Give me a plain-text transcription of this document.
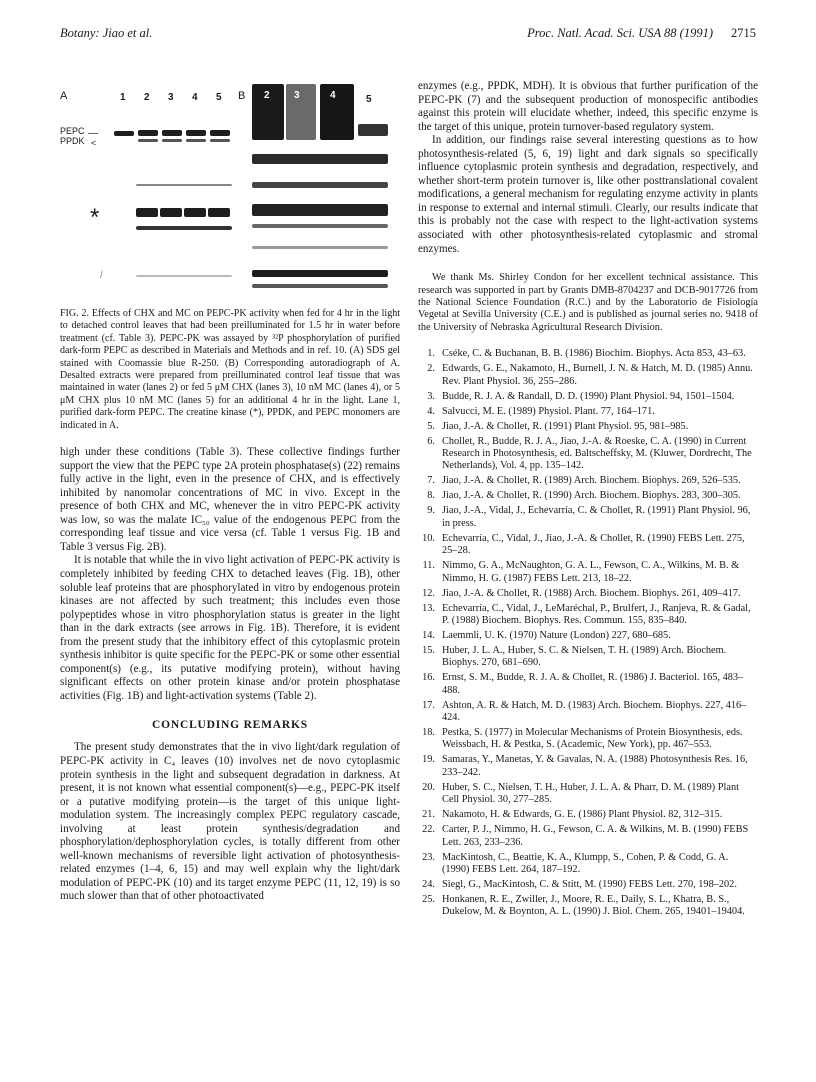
Botany: Jiao et al.	Proc. Natl. Acad. Sci. USA 88 (1991) 2715
A	1 2 3 4 5
PEPC
PPDK
—
<
*
/
B 2 3	4	5
FIG. 2. Effects of CHX and MC on PEPC-PK activity when fed for 4 hr in the light to detached control leaves that had been preilluminated for 1.5 hr in water before treatment (cf. Table 3). PEPC-PK was assayed by ³²P phosphorylation of purified dark-form PEPC as described in Materials and Methods and in ref. 10. (A) SDS gel stained with Coomassie blue R-250. (B) Corresponding autoradiograph of A. Desalted extracts were prepared from preilluminated control leaf tissue that was maintained in water (lanes 2) or fed 5 μM CHX (lanes 3), 10 nM MC (lanes 4), or 5 μM CHX plus 10 nM MC (lanes 5) for an additional 4 hr in the light. Lane 1, purified dark-form PEPC. The creatine kinase (*), PPDK, and PEPC monomers are indicated in A.

high under these conditions (Table 3). These collective findings further support the view that the PEPC type 2A protein phosphatase(s) (22) remains fully active in the light, even in the presence of CHX, and is effectively inhibited by nanomolar concentrations of MC in vivo. Except in the presence of both CHX and MC, whenever the in vitro PEPC-PK activity was low, so was the malate IC₅₀ value of the endogenous PEPC from the corresponding leaf tissue and vice versa (cf. Table 1 versus Fig. 1B and Table 3 versus Fig. 2B).

It is notable that while the in vivo light activation of PEPC-PK activity is completely inhibited by feeding CHX to detached leaves (Fig. 1B), other soluble leaf proteins that are phosphorylated in vitro by endogenous protein kinases are not affected by such treatment; this includes even those polypeptides whose in vitro phosphorylation status is greater in the light than in the dark extracts (see arrows in Fig. 1B). Therefore, it is evident from the present study that the inhibitory effect of this cytoplasmic protein synthesis inhibitor is quite specific for the PEPC-PK or some other essential component(s) (e.g., its putative modifying protein), without having significant effects on other protein kinase and/or protein phosphatase activities (Fig. 1B) and light-activation systems (Table 2).

CONCLUDING REMARKS

The present study demonstrates that the in vivo light/dark regulation of PEPC-PK activity in C₄ leaves (10) involves net de novo cytoplasmic protein synthesis in the light and subsequent degradation in darkness. At present, it is not known what essential component(s)—e.g., PEPC-PK itself or a putative modifying protein—is the target of this unique light-modulation system. The increasingly complex PEPC regulatory cascade, involving at least protein synthesis/degradation and phosphorylation/dephosphorylation cycles, is totally different from other well-known mechanisms of reversible light activation of photosynthesis-related enzymes (1–4, 6, 15) and may well explain why the light/dark modulation of PEPC-PK (10) and its target enzyme PEPC (11, 12, 19) is so much slower than that of other photoactivated

enzymes (e.g., PPDK, MDH). It is obvious that further purification of the PEPC-PK (7) and the subsequent production of monospecific antibodies against this protein will elucidate whether, indeed, this specific enzyme is the target of this unique, protein turnover-based regulatory system.

In addition, our findings raise several interesting questions as to how photosynthesis-related (5, 6, 19) light and dark signals so specifically influence cytoplasmic protein synthesis and degradation, respectively, and whether short-term protein turnover is, like other posttranslational covalent modifications, a general mechanism for regulating enzyme activity in plants in response to external and internal stimuli. Clearly, our results indicate that this is probably not the case with respect to the light-activation systems associated with other photosynthesis-related cytoplasmic and stromal enzymes.

We thank Ms. Shirley Condon for her excellent technical assistance. This research was supported in part by Grants DMB-8704237 and DCB-9017726 from the National Science Foundation (R.C.) and by the Laboratorio de Fisiología Vegetal at Sevilla University (C.E.) and is published as journal series no. 9418 of the University of Nebraska Agricultural Research Division.

1. Cséke, C. & Buchanan, B. B. (1986) Biochim. Biophys. Acta 853, 43–63.
2. Edwards, G. E., Nakamoto, H., Burnell, J. N. & Hatch, M. D. (1985) Annu. Rev. Plant Physiol. 36, 255–286.
3. Budde, R. J. A. & Randall, D. D. (1990) Plant Physiol. 94, 1501–1504.
4. Salvucci, M. E. (1989) Physiol. Plant. 77, 164–171.
5. Jiao, J.-A. & Chollet, R. (1991) Plant Physiol. 95, 981–985.
6. Chollet, R., Budde, R. J. A., Jiao, J.-A. & Roeske, C. A. (1990) in Current Research in Photosynthesis, ed. Baltscheffsky, M. (Kluwer, Dordrecht, The Netherlands), Vol. 4, pp. 135–142.
7. Jiao, J.-A. & Chollet, R. (1989) Arch. Biochem. Biophys. 269, 526–535.
8. Jiao, J.-A. & Chollet, R. (1990) Arch. Biochem. Biophys. 283, 300–305.
9. Jiao, J.-A., Vidal, J., Echevarría, C. & Chollet, R. (1991) Plant Physiol. 96, in press.
10. Echevarría, C., Vidal, J., Jiao, J.-A. & Chollet, R. (1990) FEBS Lett. 275, 25–28.
11. Nimmo, G. A., McNaughton, G. A. L., Fewson, C. A., Wilkins, M. B. & Nimmo, H. G. (1987) FEBS Lett. 213, 18–22.
12. Jiao, J.-A. & Chollet, R. (1988) Arch. Biochem. Biophys. 261, 409–417.
13. Echevarría, C., Vidal, J., LeMaréchal, P., Brulfert, J., Ranjeva, R. & Gadal, P. (1988) Biochem. Biophys. Res. Commun. 155, 835–840.
14. Laemmli, U. K. (1970) Nature (London) 227, 680–685.
15. Huber, J. L. A., Huber, S. C. & Nielsen, T. H. (1989) Arch. Biochem. Biophys. 270, 681–690.
16. Ernst, S. M., Budde, R. J. A. & Chollet, R. (1986) J. Bacteriol. 165, 483–488.
17. Ashton, A. R. & Hatch, M. D. (1983) Arch. Biochem. Biophys. 227, 416–424.
18. Pestka, S. (1977) in Molecular Mechanisms of Protein Biosynthesis, eds. Weissbach, H. & Pestka, S. (Academic, New York), pp. 467–553.
19. Samaras, Y., Manetas, Y. & Gavalas, N. A. (1988) Photosynthesis Res. 16, 233–242.
20. Huber, S. C., Nielsen, T. H., Huber, J. L. A. & Pharr, D. M. (1989) Plant Cell Physiol. 30, 277–285.
21. Nakamoto, H. & Edwards, G. E. (1986) Plant Physiol. 82, 312–315.
22. Carter, P. J., Nimmo, H. G., Fewson, C. A. & Wilkins, M. B. (1990) FEBS Lett. 263, 233–236.
23. MacKintosh, C., Beattie, K. A., Klumpp, S., Cohen, P. & Codd, G. A. (1990) FEBS Lett. 264, 187–192.
24. Siegl, G., MacKintosh, C. & Stitt, M. (1990) FEBS Lett. 270, 198–202.
25. Honkanen, R. E., Zwiller, J., Moore, R. E., Daily, S. L., Khatra, B. S., Dukelow, M. & Boynton, A. L. (1990) J. Biol. Chem. 265, 19401–19404.
